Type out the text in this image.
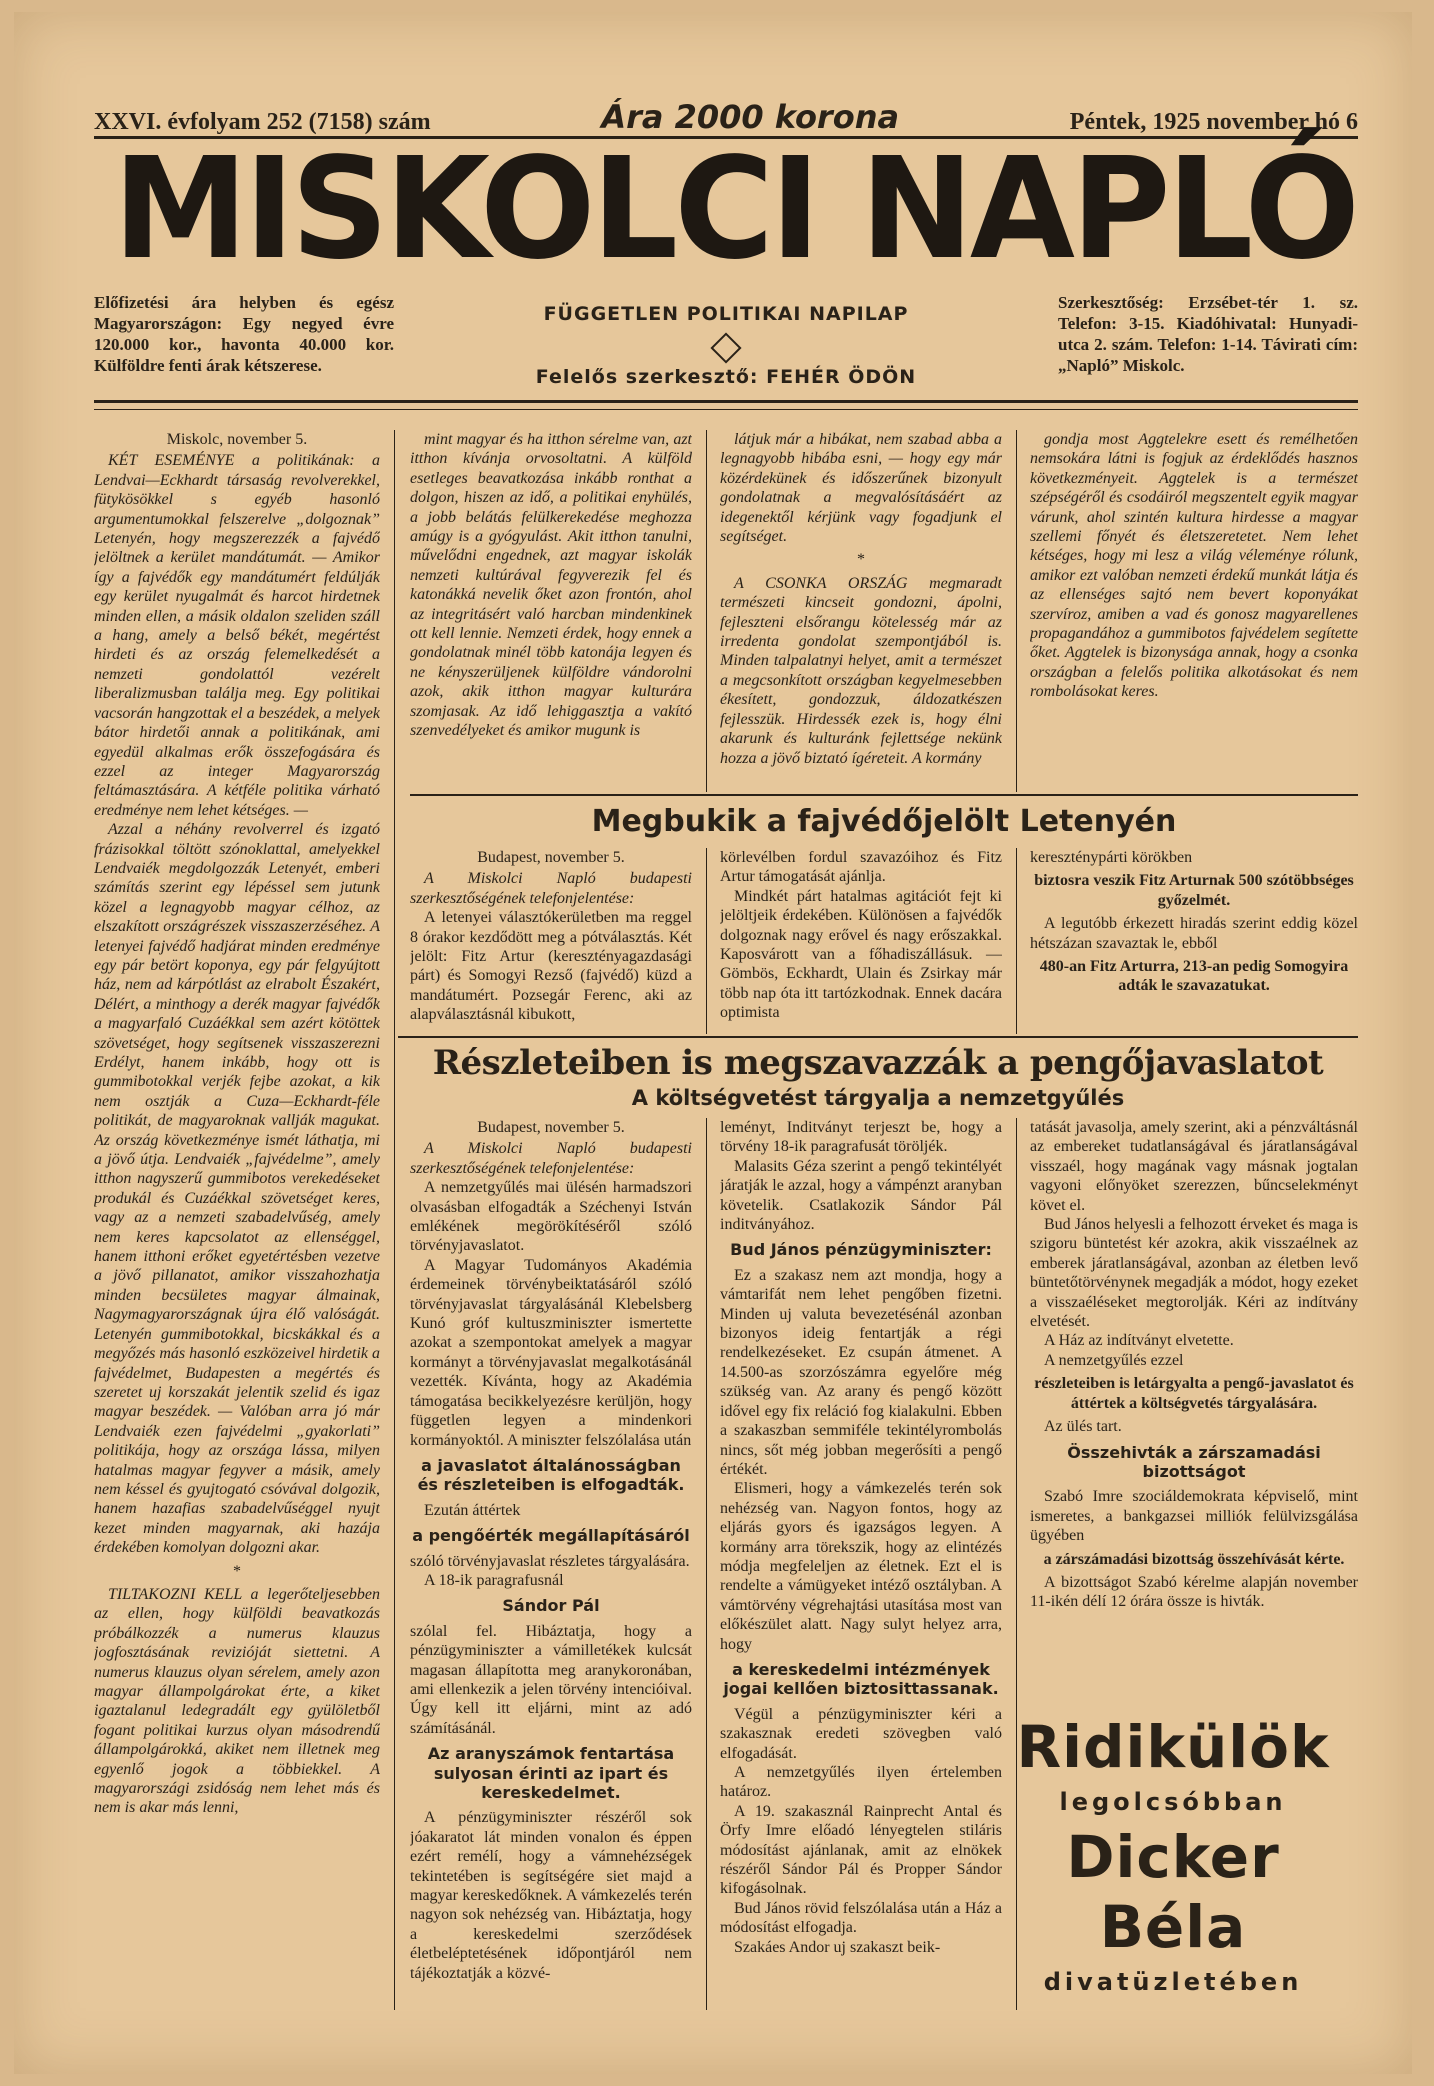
XXVI. évfolyam 252 (7158) szám	Ára 2000 korona	Péntek, 1925 november hó 6
MISKOLCI NAPLÓ
Előfizetési ára helyben és egész Magyarországon: Egy negyed évre 120.000 kor., havonta 40.000 kor. Külföldre fenti árak kétszerese.
FÜGGETLEN POLITIKAI NAPILAP
Felelős szerkesztő: FEHÉR ÖDÖN
Szerkesztőség: Erzsébet-tér 1. sz. Telefon: 3-15. Kiadóhivatal: Hunyadi-utca 2. szám. Telefon: 1-14. Távirati cím: „Napló” Miskolc.

Miskolc, november 5.

KÉT ESEMÉNYE a politikának: a Lendvai—Eckhardt társaság revolverekkel, fütykösökkel s egyéb hasonló argumentumokkal felszerelve „dolgoznak” Letenyén, hogy megszerezzék a fajvédő jelöltnek a kerület mandátumát. — Amikor így a fajvédők egy mandátumért feldúlják egy kerület nyugalmát és harcot hirdetnek minden ellen, a másik oldalon szeliden száll a hang, amely a belső békét, megértést hirdeti és az ország felemelkedését a nemzeti gondolattól vezérelt liberalizmusban találja meg. Egy politikai vacsorán hangzottak el a beszédek, a melyek bátor hirdetői annak a politikának, ami egyedül alkalmas erők összefogására és ezzel az integer Magyarország feltámasztására. A kétféle politika várható eredménye nem lehet kétséges. —

Azzal a néhány revolverrel és izgató frázisokkal töltött szónoklattal, amelyekkel Lendvaiék megdolgozzák Letenyét, emberi számítás szerint egy lépéssel sem jutunk közel a legnagyobb magyar célhoz, az elszakított országrészek visszaszerzéséhez. A letenyei fajvédő hadjárat minden eredménye egy pár betört koponya, egy pár felgyújtott ház, nem ad kárpótlást az elrabolt Északért, Délért, a minthogy a derék magyar fajvédők a magyarfaló Cuzáékkal sem azért kötöttek szövetséget, hogy segítsenek visszaszerezni Erdélyt, hanem inkább, hogy ott is gummibotokkal verjék fejbe azokat, a kik nem osztják a Cuza—Eckhardt-féle politikát, de magyaroknak vallják magukat. Az ország következménye ismét láthatja, mi a jövő útja. Lendvaiék „fajvédelme”, amely itthon nagyszerű gummibotos verekedéseket produkál és Cuzáékkal szövetséget keres, vagy az a nemzeti szabadelvűség, amely nem keres kapcsolatot az ellenséggel, hanem itthoni erőket egyetértésben vezetve a jövő pillanatot, amikor visszahozhatja minden becsületes magyar álmainak, Nagymagyarországnak újra élő valóságát. Letenyén gummibotokkal, bicskákkal és a megyőzés más hasonló eszközeivel hirdetik a fajvédelmet, Budapesten a megértés és szeretet uj korszakát jelentik szelid és igaz magyar beszédek. — Valóban arra jó már Lendvaiék ezen fajvédelmi „gyakorlati” politikája, hogy az országa lássa, milyen hatalmas magyar fegyver a másik, amely nem késsel és gyujtogató csóvával dolgozik, hanem hazafias szabadelvűséggel nyujt kezet minden magyarnak, aki hazája érdekében komolyan dolgozni akar.

*

TILTAKOZNI KELL a legerőteljesebben az ellen, hogy külföldi beavatkozás próbálkozzék a numerus klauzus jogfosztásának revizióját siettetni. A numerus klauzus olyan sérelem, amely azon magyar állampolgárokat érte, a kiket igaztalanul ledegradált egy gyülöletből fogant politikai kurzus olyan másodrendű állampolgárokká, akiket nem illetnek meg egyenlő jogok a többiekkel. A magyarországi zsidóság nem lehet más és nem is akar más lenni,

mint magyar és ha itthon sérelme van, azt itthon kívánja orvosoltatni. A külföld esetleges beavatkozása inkább ronthat a dolgon, hiszen az idő, a politikai enyhülés, a jobb belátás felülkerekedése meghozza amúgy is a gyógyulást. Akit itthon tanulni, művelődni engednek, azt magyar iskolák nemzeti kultúrával fegyverezik fel és katonákká nevelik őket azon frontón, ahol az integritásért való harcban mindenkinek ott kell lennie. Nemzeti érdek, hogy ennek a gondolatnak minél több katonája legyen és ne kényszerüljenek külföldre vándorolni azok, akik itthon magyar kulturára szomjasak. Az idő lehiggasztja a vakító szenvedélyeket és amikor mugunk is

látjuk már a hibákat, nem szabad abba a legnagyobb hibába esni, — hogy egy már közérdekünek és időszerűnek bizonyult gondolatnak a megvalósításáért az idegenektől kérjünk vagy fogadjunk el segítséget.

*

A CSONKA ORSZÁG megmaradt természeti kincseit gondozni, ápolni, fejleszteni elsőrangu kötelesség már az irredenta gondolat szempontjából is. Minden talpalatnyi helyet, amit a természet a megcsonkított országban kegyelmesebben ékesített, gondozzuk, áldozatkészen fejlesszük. Hirdessék ezek is, hogy élni akarunk és kulturánk fejlettsége nekünk hozza a jövő biztató ígéreteit. A kormány

gondja most Aggtelekre esett és remélhetően nemsokára látni is fogjuk az érdeklődés hasznos következményeit. Aggtelek is a természet szépségéről és csodáiról megszentelt egyik magyar várunk, ahol szintén kultura hirdesse a magyar szellemi főnyét és életszeretetet. Nem lehet kétséges, hogy mi lesz a világ véleménye rólunk, amikor ezt valóban nemzeti érdekű munkát látja és az ellenséges sajtó nem bevert koponyákat szervíroz, amiben a vad és gonosz magyarellenes propagandához a gummibotos fajvédelem segítette őket. Aggtelek is bizonysága annak, hogy a csonka országban a felelős politika alkotásokat és nem rombolásokat keres.

Megbukik a fajvédőjelölt Letenyén

Budapest, november 5.

A Miskolci Napló budapesti szerkesztőségének telefonjelentése:

A letenyei választókerületben ma reggel 8 órakor kezdődött meg a pótválasztás. Két jelölt: Fitz Artur (keresztényagazdasági párt) és Somogyi Rezső (fajvédő) küzd a mandátumért. Pozsegár Ferenc, aki az alapválasztásnál kibukott,

körlevélben fordul szavazóihoz és Fitz Artur támogatását ajánlja.

Mindkét párt hatalmas agitációt fejt ki jelöltjeik érdekében. Különösen a fajvédők dolgoznak nagy erővel és nagy erőszakkal. Kaposvárott van a főhadiszállásuk. — Gömbös, Eckhardt, Ulain és Zsirkay már több nap óta itt tartózkodnak. Ennek dacára optimista

kereszténypárti körökben

biztosra veszik Fitz Arturnak 500 szótöbbséges győzelmét.

A legutóbb érkezett hiradás szerint eddig közel hétszázan szavaztak le, ebből

480-an Fitz Arturra, 213-an pedig Somogyira adták le szavazatukat.

Részleteiben is megszavazzák a pengőjavaslatot
A költségvetést tárgyalja a nemzetgyűlés

Budapest, november 5.

A Miskolci Napló budapesti szerkesztőségének telefonjelentése:

A nemzetgyűlés mai ülésén harmadszori olvasásban elfogadták a Széchenyi István emlékének megörökítéséről szóló törvényjavaslatot.

A Magyar Tudományos Akadémia érdemeinek törvénybeiktatásáról szóló törvényjavaslat tárgyalásánál Klebelsberg Kunó gróf kultuszminiszter ismertette azokat a szempontokat amelyek a magyar kormányt a törvényjavaslat megalkotásánál vezették. Kívánta, hogy az Akadémia támogatása becikkelyezésre kerüljön, hogy független legyen a mindenkori kormányoktól. A miniszter felszólalása után

a javaslatot általánosságban és részleteiben is elfogadták.

Ezután áttértek

a pengőérték megállapításáról

szóló törvényjavaslat részletes tárgyalására.

A 18-ik paragrafusnál

Sándor Pál

szólal fel. Hibáztatja, hogy a pénzügyminiszter a vámilletékek kulcsát magasan állapította meg aranykoronában, ami ellenkezik a jelen törvény intencióival. Úgy kell itt eljárni, mint az adó számításánál.

Az aranyszámok fentartása sulyosan érinti az ipart és kereskedelmet.

A pénzügyminiszter részéről sok jóakaratot lát minden vonalon és éppen ezért remélí, hogy a vámnehézségek tekintetében is segítségére siet majd a magyar kereskedőknek. A vámkezelés terén nagyon sok nehézség van. Hibáztatja, hogy a kereskedelmi szerződések életbeléptetésének időpontjáról nem tájékoztatják a közvé-

leményt, Inditványt terjeszt be, hogy a törvény 18-ik paragrafusát töröljék.

Malasits Géza szerint a pengő tekintélyét járatják le azzal, hogy a vámpénzt aranyban követelik. Csatlakozik Sándor Pál inditványához.

Bud János pénzügyminiszter:

Ez a szakasz nem azt mondja, hogy a vámtarifát nem lehet pengőben fizetni. Minden uj valuta bevezetésénál azonban bizonyos ideig fentartják a régi rendelkezéseket. Ez csupán átmenet. A 14.500-as szorzószámra egyelőre még szükség van. Az arany és pengő között idővel egy fix reláció fog kialakulni. Ebben a szakaszban semmiféle tekintélyrombolás nincs, sőt még jobban megerősíti a pengő értékét.

Elismeri, hogy a vámkezelés terén sok nehézség van. Nagyon fontos, hogy az eljárás gyors és igazságos legyen. A kormány arra törekszik, hogy az elintézés módja megfeleljen az életnek. Ezt el is rendelte a vámügyeket intéző osztályban. A vámtörvény végrehajtási utasítása most van előkészület alatt. Nagy sulyt helyez arra, hogy

a kereskedelmi intézmények jogai kellően biztosittassanak.

Végül a pénzügyminiszter kéri a szakasznak eredeti szövegben való elfogadását.

A nemzetgyűlés ilyen értelemben határoz.

A 19. szakasznál Rainprecht Antal és Örfy Imre előadó lényegtelen stiláris módosítást ajánlanak, amit az elnökek részéről Sándor Pál és Propper Sándor kifogásolnak.

Bud János rövid felszólalása után a Ház a módosítást elfogadja.

Szakáes Andor uj szakaszt beik-

tatását javasolja, amely szerint, aki a pénzváltásnál az embereket tudatlanságával és járatlanságával visszaél, hogy magának vagy másnak jogtalan vagyoni előnyöket szerezzen, bűncselekményt követ el.

Bud János helyesli a felhozott érveket és maga is szigoru büntetést kér azokra, akik visszaélnek az emberek járatlanságával, azonban az életben levő büntetőtörvénynek megadják a módot, hogy ezeket a visszaéléseket megtorolják. Kéri az indítvány elvetését.

A Ház az indítványt elvetette.

A nemzetgyűlés ezzel

részleteiben is letárgyalta a pengő-javaslatot és áttértek a költségvetés tárgyalására.

Az ülés tart.

Összehivták a zárszamadási bizottságot

Szabó Imre szociáldemokrata képviselő, mint ismeretes, a bankgazsei milliók felülvizsgálása ügyében

a zárszámadási bizottság összehívását kérte.

A bizottságot Szabó kérelme alapján november 11-ikén délí 12 órára össze is hivták.

Ridikülök
legolcsóbban
Dicker Béla
divatüzletében
